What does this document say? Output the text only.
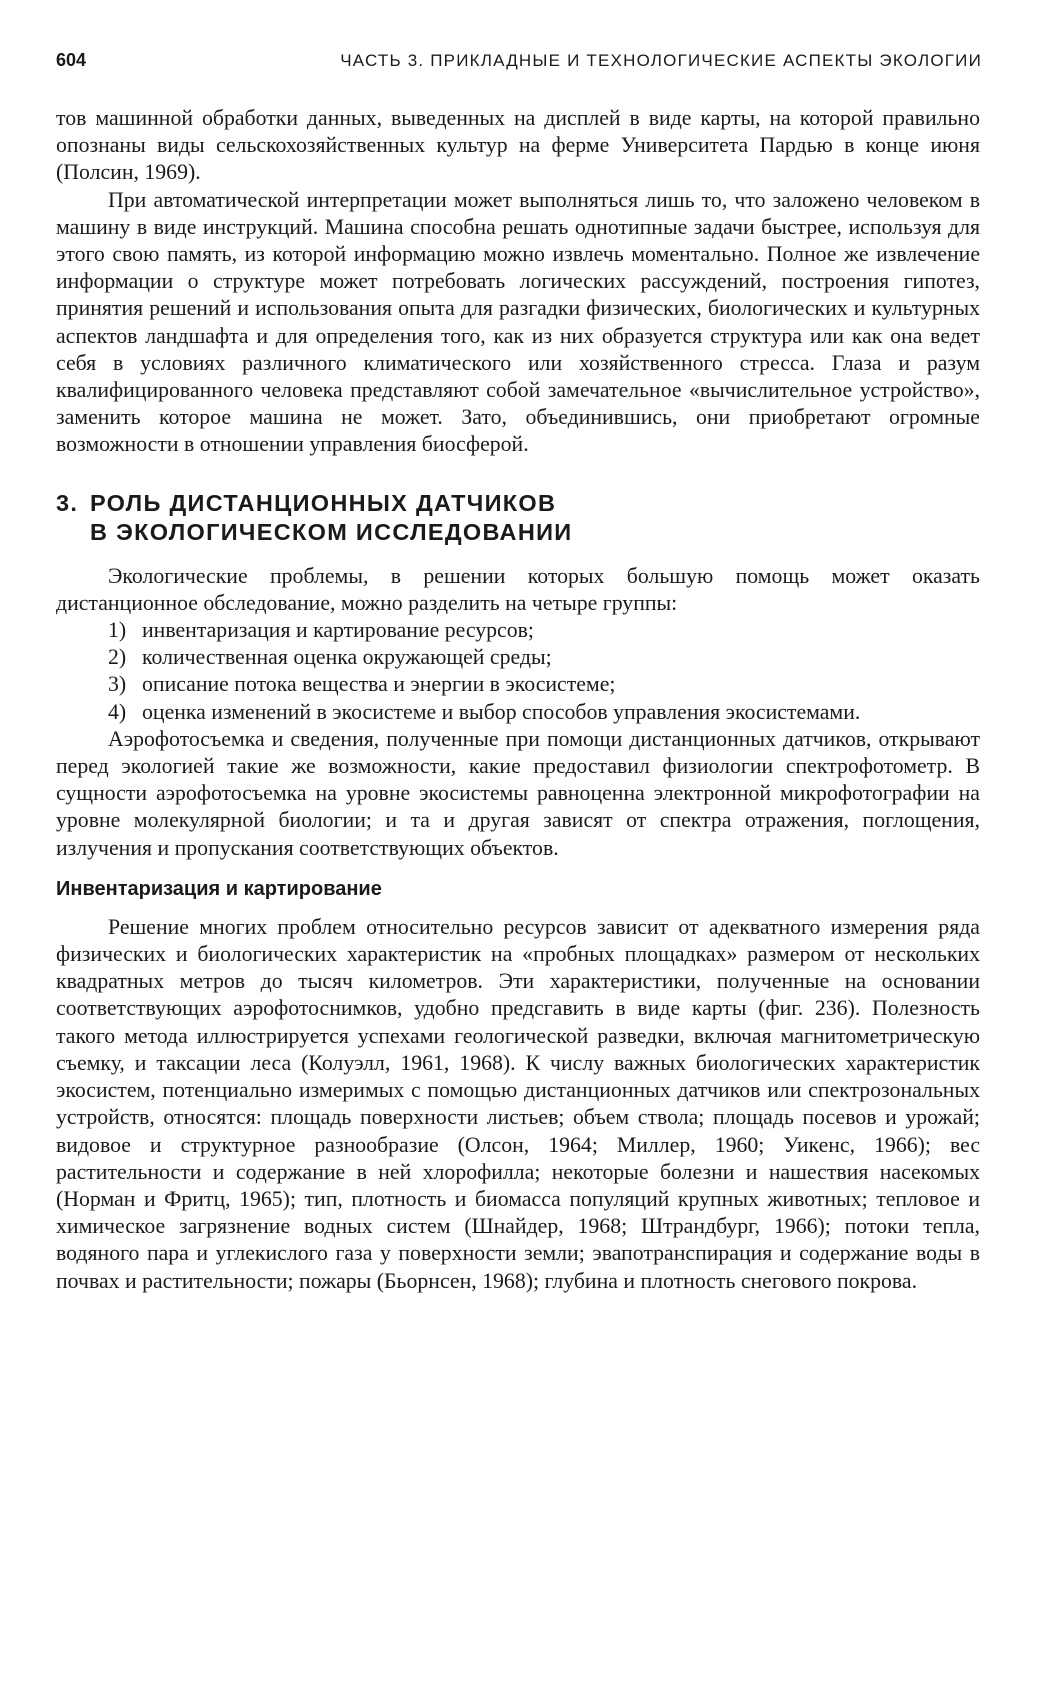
604	ЧАСТЬ 3. ПРИКЛАДНЫЕ И ТЕХНОЛОГИЧЕСКИЕ АСПЕКТЫ ЭКОЛОГИИ

тов машинной обработки данных, выведенных на дисплей в виде карты, на которой правильно опознаны виды сельскохозяйственных культур на ферме Университета Пардью в конце июня (Полсин, 1969).

При автоматической интерпретации может выполняться лишь то, что заложено человеком в машину в виде инструкций. Машина способна решать однотипные задачи быстрее, используя для этого свою память, из которой информацию можно извлечь моментально. Полное же извлечение информации о структуре может потребовать логических рассуждений, построения гипотез, принятия решений и использования опыта для разгадки физических, биологических и культурных аспектов ландшафта и для определения того, как из них образуется структура или как она ведет себя в условиях различного климатического или хозяйственного стресса. Глаза и разум квалифицированного человека представляют собой замечательное «вычислительное устройство», заменить которое машина не может. Зато, объединившись, они приобретают огромные возможности в отношении управления биосферой.

3. РОЛЬ ДИСТАНЦИОННЫХ ДАТЧИКОВ
В ЭКОЛОГИЧЕСКОМ ИССЛЕДОВАНИИ

Экологические проблемы, в решении которых большую помощь может оказать дистанционное обследование, можно разделить на четыре группы:

1) инвентаризация и картирование ресурсов;
2) количественная оценка окружающей среды;
3) описание потока вещества и энергии в экосистеме;
4) оценка изменений в экосистеме и выбор способов управления экосистемами.

Аэрофотосъемка и сведения, полученные при помощи дистанционных датчиков, открывают перед экологией такие же возможности, какие предоставил физиологии спектрофотометр. В сущности аэрофотосъемка на уровне экосистемы равноценна электронной микрофотографии на уровне молекулярной биологии; и та и другая зависят от спектра отражения, поглощения, излучения и пропускания соответствующих объектов.

Инвентаризация и картирование

Решение многих проблем относительно ресурсов зависит от адекватного измерения ряда физических и биологических характеристик на «пробных площадках» размером от нескольких квадратных метров до тысяч километров. Эти характеристики, полученные на основании соответствующих аэрофотоснимков, удобно предсгавить в виде карты (фиг. 236). Полезность такого метода иллюстрируется успехами геологической разведки, включая магнитометрическую съемку, и таксации леса (Колуэлл, 1961, 1968). К числу важных биологических характеристик экосистем, потенциально измеримых с помощью дистанционных датчиков или спектрозональных устройств, относятся: площадь поверхности листьев; объем ствола; площадь посевов и урожай; видовое и структурное разнообразие (Олсон, 1964; Миллер, 1960; Уикенс, 1966); вес растительности и содержание в ней хлорофилла; некоторые болезни и нашествия насекомых (Норман и Фритц, 1965); тип, плотность и биомасса популяций крупных животных; тепловое и химическое загрязнение водных систем (Шнайдер, 1968; Штрандбург, 1966); потоки тепла, водяного пара и углекислого газа у поверхности земли; эвапотранспирация и содержание воды в почвах и растительности; пожары (Бьорнсен, 1968); глубина и плотность снегового покрова.
